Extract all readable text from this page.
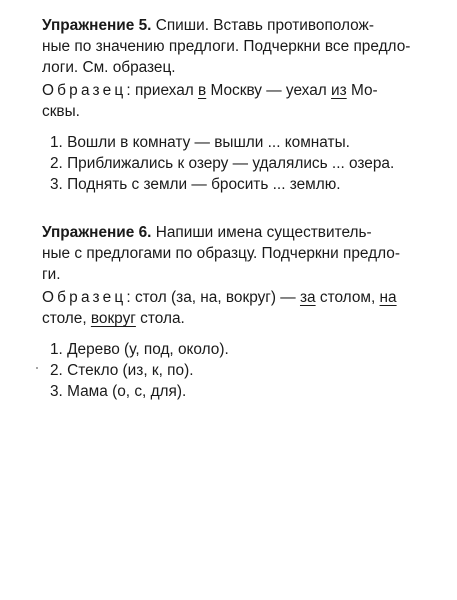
Упражнение 5. Спиши. Вставь противополож-
ные по значению предлоги. Подчеркни все предло-
логи. См. образец.

Образец: приехал в Москву — уехал из Мо-
сквы.

1. Вошли в комнату — вышли ... комнаты.
2. Приближались к озеру — удалялись ... озера.
3. Поднять с земли — бросить ... землю.

Упражнение 6. Напиши имена существитель-
ные с предлогами по образцу. Подчеркни предло-
ги.

Образец: стол (за, на, вокруг) — за столом, на
столе, вокруг стола.

1. Дерево (у, под, около).
2. Стекло (из, к, по).
3. Мама (о, с, для).
